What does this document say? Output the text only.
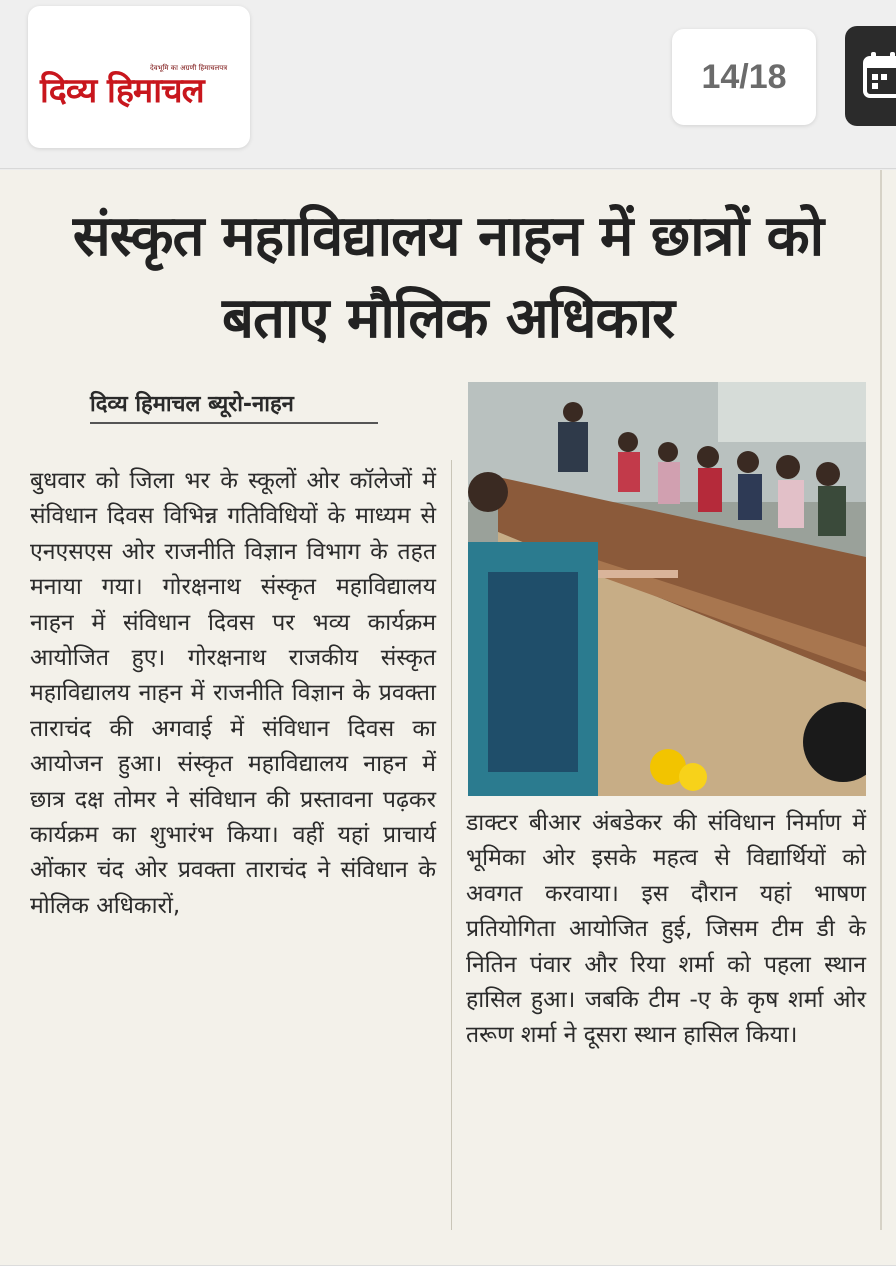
देवभूमि का अग्रणी हिमाचलपत्र
दिव्य हिमाचल	14/18
संस्कृत महाविद्यालय नाहन में छात्रों को बताए मौलिक अधिकार
दिव्य हिमाचल ब्यूरो-नाहन
बुधवार को जिला भर के स्कूलों ओर कॉलेजों में संविधान दिवस विभिन्न गतिविधियों के माध्यम से एनएसएस ओर राजनीति विज्ञान विभाग के तहत मनाया गया। गोरक्षनाथ संस्कृत महाविद्यालय नाहन में संविधान दिवस पर भव्य कार्यक्रम आयोजित हुए। गोरक्षनाथ राजकीय संस्कृत महाविद्यालय नाहन में राजनीति विज्ञान के प्रवक्ता ताराचंद की अगवाई में संविधान दिवस का आयोजन हुआ। संस्कृत महाविद्यालय नाहन में छात्र दक्ष तोमर ने संविधान की प्रस्तावना पढ़कर कार्यक्रम का शुभारंभ किया। वहीं यहां प्राचार्य ओंकार चंद ओर प्रवक्ता ताराचंद ने संविधान के मोलिक अधिकारों,
डाक्टर बीआर अंबडेकर की संविधान निर्माण में भूमिका ओर इसके महत्व से विद्यार्थियों को अवगत करवाया। इस दौरान यहां भाषण प्रतियोगिता आयोजित हुई, जिसम टीम डी के नितिन पंवार और रिया शर्मा को पहला स्थान हासिल हुआ। जबकि टीम -ए के कृष शर्मा ओर तरूण शर्मा ने दूसरा स्थान हासिल किया।
